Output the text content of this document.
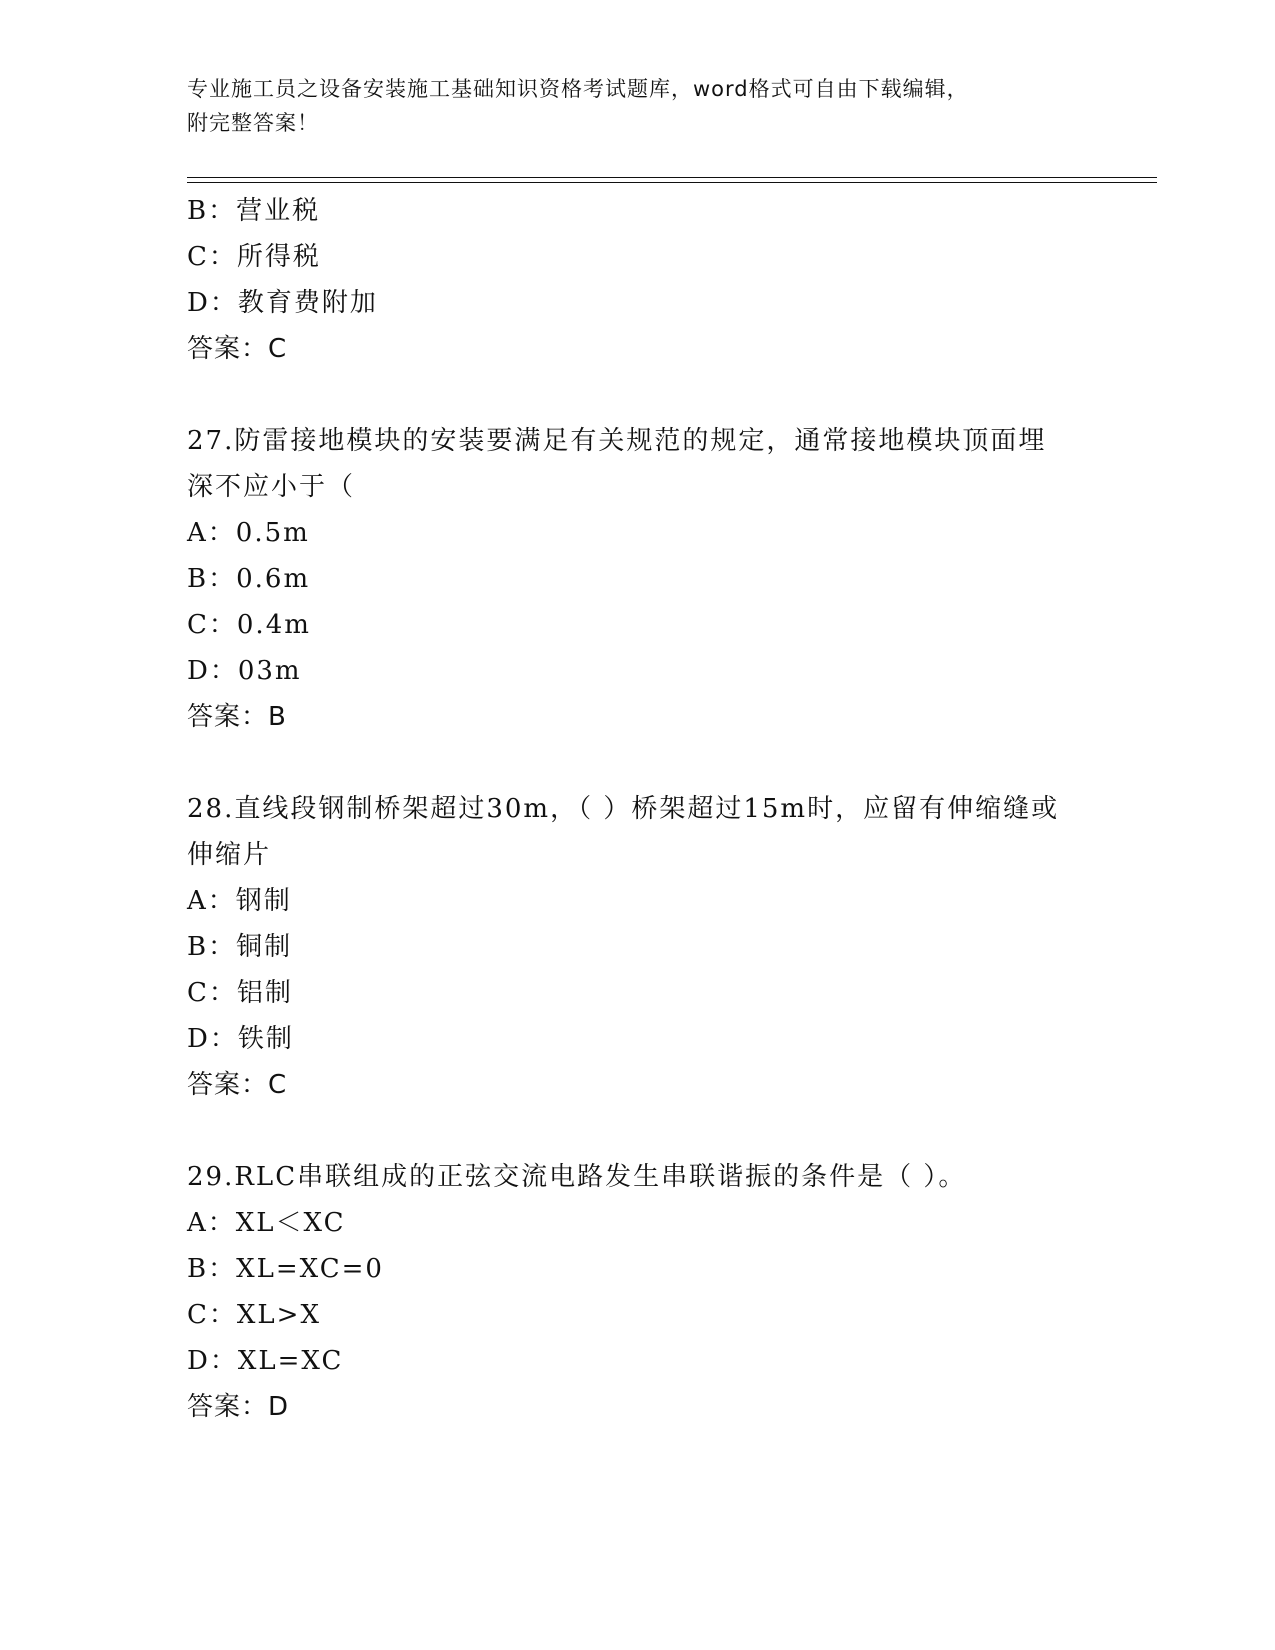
专业施工员之设备安装施工基础知识资格考试题库，word格式可自由下载编辑，
附完整答案！
B：营业税
C：所得税
D：教育费附加
答案：C
27.防雷接地模块的安装要满足有关规范的规定，通常接地模块顶面埋
深不应小于（
A：0.5m
B：0.6m
C：0.4m
D：03m
答案：B
28.直线段钢制桥架超过30m，（ ）桥架超过15m时，应留有伸缩缝或
伸缩片
A：钢制
B：铜制
C：铝制
D：铁制
答案：C
29.RLC串联组成的正弦交流电路发生串联谐振的条件是（ ）。
A：XL＜XC
B：XL=XC=0
C：XL>X
D：XL=XC
答案：D
